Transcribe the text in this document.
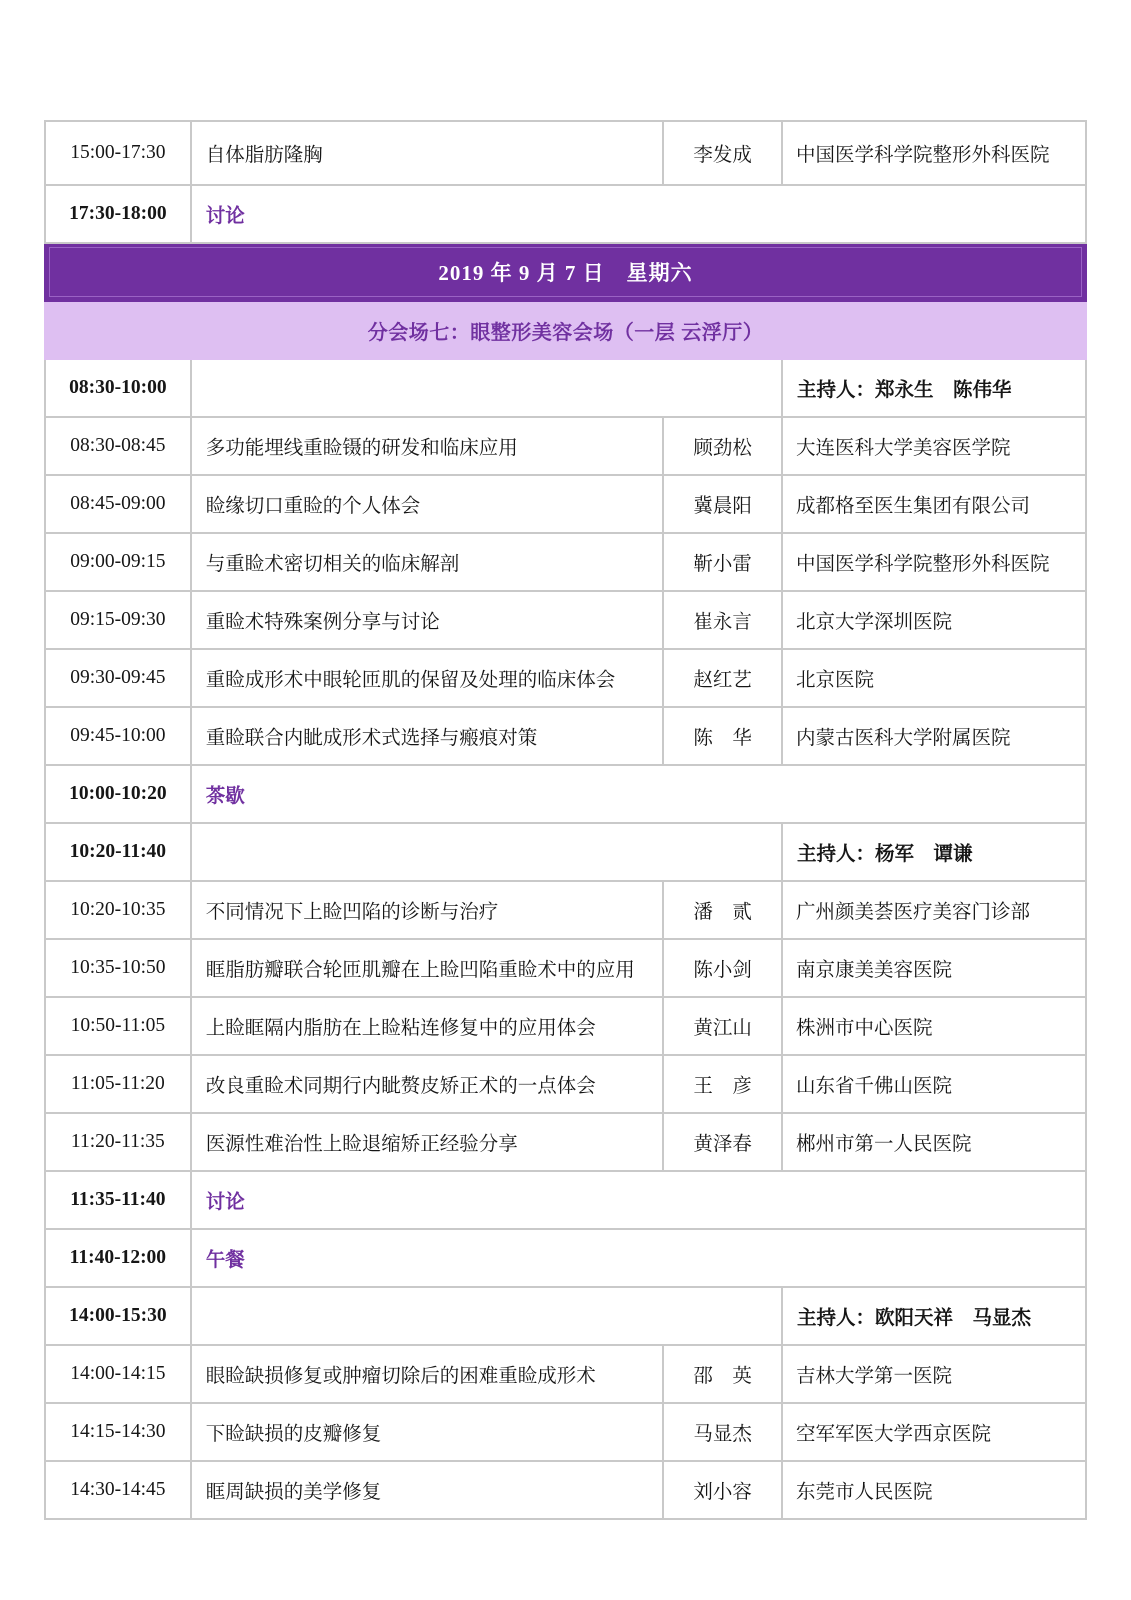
15:00-17:30	自体脂肪隆胸	李发成	中国医学科学院整形外科医院
17:30-18:00	讨论		
2019 年 9 月 7 日　星期六			
分会场七：眼整形美容会场（一层 云浮厅）			
08:30-10:00			主持人：郑永生　陈伟华
08:30-08:45	多功能埋线重睑镊的研发和临床应用	顾劲松	大连医科大学美容医学院
08:45-09:00	睑缘切口重睑的个人体会	冀晨阳	成都格至医生集团有限公司
09:00-09:15	与重睑术密切相关的临床解剖	靳小雷	中国医学科学院整形外科医院
09:15-09:30	重睑术特殊案例分享与讨论	崔永言	北京大学深圳医院
09:30-09:45	重睑成形术中眼轮匝肌的保留及处理的临床体会	赵红艺	北京医院
09:45-10:00	重睑联合内眦成形术式选择与瘢痕对策	陈　华	内蒙古医科大学附属医院
10:00-10:20	茶歇		
10:20-11:40			主持人：杨军　谭谦
10:20-10:35	不同情况下上睑凹陷的诊断与治疗	潘　贰	广州颜美荟医疗美容门诊部
10:35-10:50	眶脂肪瓣联合轮匝肌瓣在上睑凹陷重睑术中的应用	陈小剑	南京康美美容医院
10:50-11:05	上睑眶隔内脂肪在上睑粘连修复中的应用体会	黄江山	株洲市中心医院
11:05-11:20	改良重睑术同期行内眦赘皮矫正术的一点体会	王　彦	山东省千佛山医院
11:20-11:35	医源性难治性上睑退缩矫正经验分享	黄泽春	郴州市第一人民医院
11:35-11:40	讨论		
11:40-12:00	午餐		
14:00-15:30			主持人：欧阳天祥　马显杰
14:00-14:15	眼睑缺损修复或肿瘤切除后的困难重睑成形术	邵　英	吉林大学第一医院
14:15-14:30	下睑缺损的皮瓣修复	马显杰	空军军医大学西京医院
14:30-14:45	眶周缺损的美学修复	刘小容	东莞市人民医院
